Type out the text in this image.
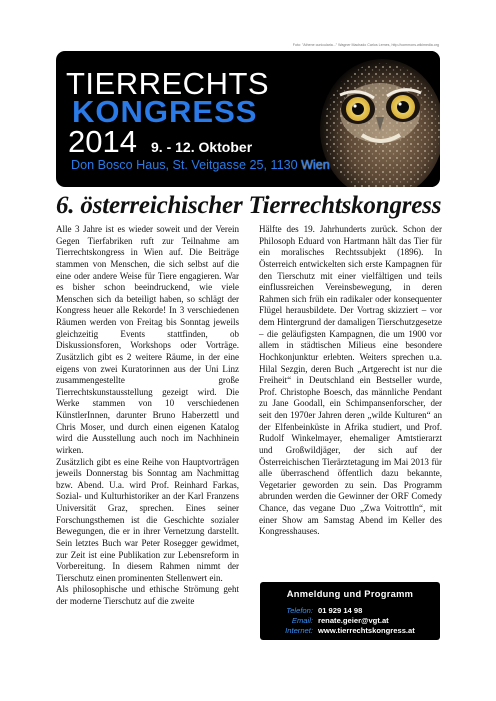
Foto: "Athene cunicularia..." Wagner Machado Carlos Lemes, http://commons.wikimedia.org
TIERRECHTS
KONGRESS
2014 9. - 12. Oktober
Don Bosco Haus, St. Veitgasse 25, 1130 Wien
6. österreichischer Tierrechtskongress

Alle 3 Jahre ist es wieder soweit und der Verein Gegen Tierfabriken ruft zur Teilnahme am Tierrechtskongress in Wien auf. Die Beiträge stammen von Menschen, die sich selbst auf die eine oder andere Weise für Tiere engagieren. War es bisher schon beeindruckend, wie viele Menschen sich da beteiligt haben, so schlägt der Kongress heuer alle Rekorde! In 3 verschiedenen Räumen werden von Freitag bis Sonntag jeweils gleichzeitig Events stattfinden, ob Diskussionsforen, Workshops oder Vorträge. Zusätzlich gibt es 2 weitere Räume, in der eine eigens von zwei Kuratorinnen aus der Uni Linz zusammengestellte große Tierrechtskunstausstellung gezeigt wird. Die Werke stammen von 10 verschiedenen KünstlerInnen, darunter Bruno Haberzettl und Chris Moser, und durch einen eigenen Katalog wird die Ausstellung auch noch im Nachhinein wirken.

Zusätzlich gibt es eine Reihe von Hauptvorträgen jeweils Donnerstag bis Sonntag am Nachmittag bzw. Abend. U.a. wird Prof. Reinhard Farkas, Sozial- und Kulturhistoriker an der Karl Franzens Universität Graz, sprechen. Eines seiner Forschungsthemen ist die Geschichte sozialer Bewegungen, die er in ihrer Vernetzung darstellt. Sein letztes Buch war Peter Rosegger gewidmet, zur Zeit ist eine Publikation zur Lebensreform in Vorbereitung. In diesem Rahmen nimmt der Tierschutz einen prominenten Stellenwert ein.

Als philosophische und ethische Strömung geht der moderne Tierschutz auf die zweite

Hälfte des 19. Jahrhunderts zurück. Schon der Philosoph Eduard von Hartmann hält das Tier für ein moralisches Rechtssubjekt (1896). In Österreich entwickelten sich erste Kampagnen für den Tierschutz mit einer vielfältigen und teils einflussreichen Vereinsbewegung, in deren Rahmen sich früh ein radikaler oder konsequenter Flügel herausbildete. Der Vortrag skizziert – vor dem Hintergrund der damaligen Tierschutzgesetze – die geläufigsten Kampagnen, die um 1900 vor allem in städtischen Milieus eine besondere Hochkonjunktur erlebten. Weiters sprechen u.a. Hilal Sezgin, deren Buch „Artgerecht ist nur die Freiheit“ in Deutschland ein Bestseller wurde, Prof. Christophe Boesch, das männliche Pendant zu Jane Goodall, ein Schimpansenforscher, der seit den 1970er Jahren deren „wilde Kulturen“ an der Elfenbeinküste in Afrika studiert, und Prof. Rudolf Winkelmayer, ehemaliger Amtstierarzt und Großwildjäger, der sich auf der Österreichischen Tierärztetagung im Mai 2013 für alle überraschend öffentlich dazu bekannte, Vegetarier geworden zu sein. Das Programm abrunden werden die Gewinner der ORF Comedy Chance, das vegane Duo „Zwa Voitrottln“, mit einer Show am Samstag Abend im Keller des Kongresshauses.

Anmeldung und Programm
Telefon: 01 929 14 98
Email: renate.geier@vgt.at
Internet: www.tierrechtskongress.at
